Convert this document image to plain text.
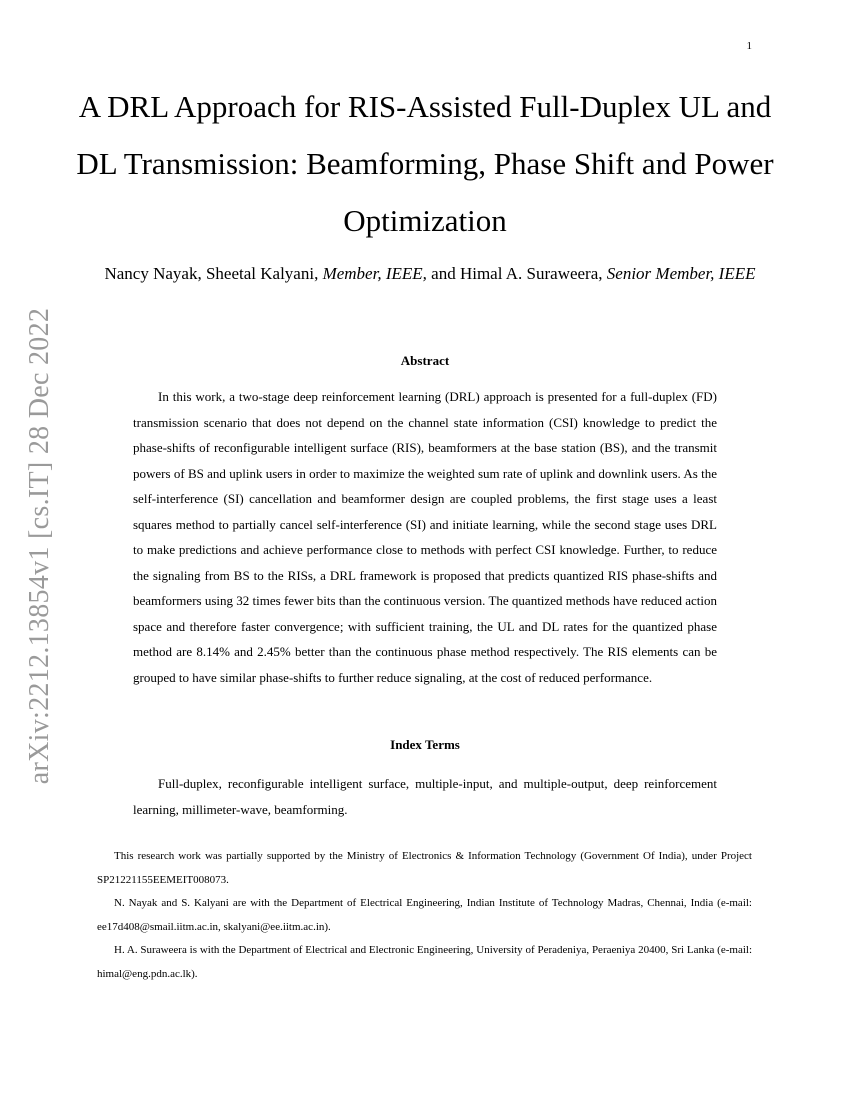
1
arXiv:2212.13854v1 [cs.IT] 28 Dec 2022
A DRL Approach for RIS-Assisted Full-Duplex UL and DL Transmission: Beamforming, Phase Shift and Power Optimization
Nancy Nayak, Sheetal Kalyani, Member, IEEE, and Himal A. Suraweera, Senior Member, IEEE
Abstract

In this work, a two-stage deep reinforcement learning (DRL) approach is presented for a full-duplex (FD) transmission scenario that does not depend on the channel state information (CSI) knowledge to predict the phase-shifts of reconfigurable intelligent surface (RIS), beamformers at the base station (BS), and the transmit powers of BS and uplink users in order to maximize the weighted sum rate of uplink and downlink users. As the self-interference (SI) cancellation and beamformer design are coupled problems, the first stage uses a least squares method to partially cancel self-interference (SI) and initiate learning, while the second stage uses DRL to make predictions and achieve performance close to methods with perfect CSI knowledge. Further, to reduce the signaling from BS to the RISs, a DRL framework is proposed that predicts quantized RIS phase-shifts and beamformers using 32 times fewer bits than the continuous version. The quantized methods have reduced action space and therefore faster convergence; with sufficient training, the UL and DL rates for the quantized phase method are 8.14% and 2.45% better than the continuous phase method respectively. The RIS elements can be grouped to have similar phase-shifts to further reduce signaling, at the cost of reduced performance.

Index Terms

Full-duplex, reconfigurable intelligent surface, multiple-input, and multiple-output, deep reinforcement learning, millimeter-wave, beamforming.

This research work was partially supported by the Ministry of Electronics & Information Technology (Government Of India), under Project SP21221155EEMEIT008073.

N. Nayak and S. Kalyani are with the Department of Electrical Engineering, Indian Institute of Technology Madras, Chennai, India (e-mail: ee17d408@smail.iitm.ac.in, skalyani@ee.iitm.ac.in).

H. A. Suraweera is with the Department of Electrical and Electronic Engineering, University of Peradeniya, Peraeniya 20400, Sri Lanka (e-mail: himal@eng.pdn.ac.lk).
